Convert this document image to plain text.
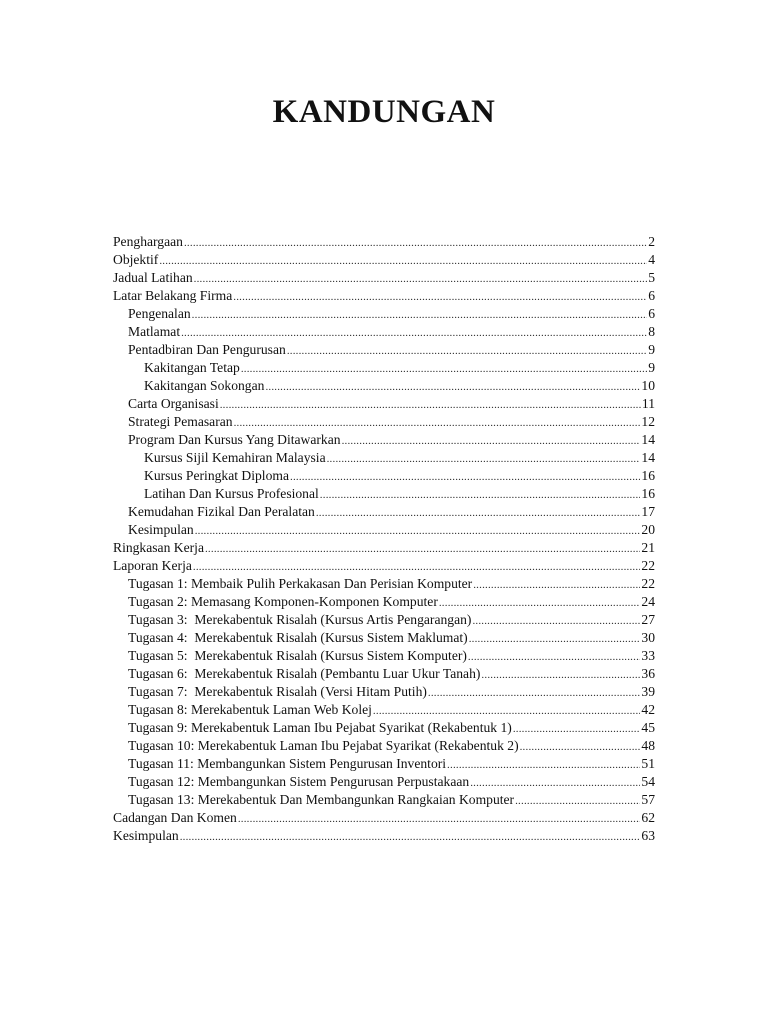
KANDUNGAN
Penghargaan .....	2
Objektif .....	4
Jadual Latihan .....	5
Latar Belakang Firma .....	6
Pengenalan .....	6
Matlamat .....	8
Pentadbiran Dan Pengurusan .....	9
Kakitangan Tetap .....	9
Kakitangan Sokongan .....	10
Carta Organisasi .....	11
Strategi Pemasaran .....	12
Program Dan Kursus Yang Ditawarkan .....	14
Kursus Sijil Kemahiran Malaysia .....	14
Kursus Peringkat Diploma .....	16
Latihan Dan Kursus Profesional .....	16
Kemudahan Fizikal Dan Peralatan .....	17
Kesimpulan .....	20
Ringkasan Kerja .....	21
Laporan Kerja .....	22
Tugasan 1: Membaik Pulih Perkakasan Dan Perisian Komputer .....	22
Tugasan 2: Memasang Komponen-Komponen Komputer .....	24
Tugasan 3:  Merekabentuk Risalah (Kursus Artis Pengarangan) .....	27
Tugasan 4:  Merekabentuk Risalah (Kursus Sistem Maklumat) .....	30
Tugasan 5:  Merekabentuk Risalah (Kursus Sistem Komputer) .....	33
Tugasan 6:  Merekabentuk Risalah (Pembantu Luar Ukur Tanah) .....	36
Tugasan 7:  Merekabentuk Risalah (Versi Hitam Putih) .....	39
Tugasan 8: Merekabentuk Laman Web Kolej .....	42
Tugasan 9: Merekabentuk Laman Ibu Pejabat Syarikat (Rekabentuk 1) .....	45
Tugasan 10: Merekabentuk Laman Ibu Pejabat Syarikat (Rekabentuk 2) .....	48
Tugasan 11: Membangunkan Sistem Pengurusan Inventori .....	51
Tugasan 12: Membangunkan Sistem Pengurusan Perpustakaan .....	54
Tugasan 13: Merekabentuk Dan Membangunkan Rangkaian Komputer .....	57
Cadangan Dan Komen .....	62
Kesimpulan .....	63
